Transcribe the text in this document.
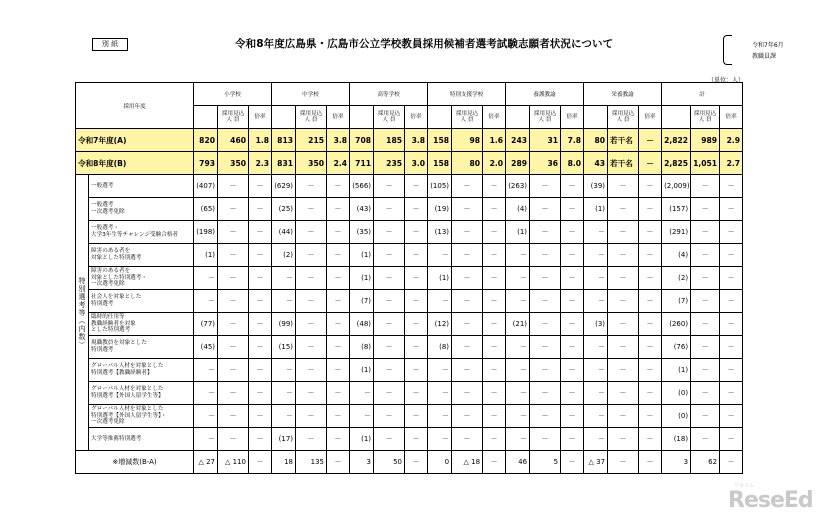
別 紙	令和8年度広島県・広島市公立学校教員採用候補者選考試験志願者状況について	令和7年6月
教職員課
（単位：人）
採用年度		小学校			中学校			高等学校			特別支援学校			養護教諭			栄養教諭			計		
			採用見込
人 員	倍率		採用見込
人 員	倍率		採用見込
人 員	倍率		採用見込
人 員	倍率		採用見込
人 員	倍率		採用見込
人 員	倍率		採用見込
人 員	倍率
令和7年度(A)		820	460	1.8	813	215	3.8	708	185	3.8	158	98	1.6	243	31	7.8	80	若干名	－	2,822	989	2.9
令和8年度(B)		793	350	2.3	831	350	2.4	711	235	3.0	158	80	2.0	289	36	8.0	43	若干名	－	2,825	1,051	2.7
特別選考等（内数）	一般選考	(407)	－	－	(629)	－	－	(566)	－	－	(105)	－	－	(263)	－	－	(39)	－	－	(2,009)	－	－
	一般選考
一次選考免除	(65)	－	－	(25)	－	－	(43)	－	－	(19)	－	－	(4)	－	－	(1)	－	－	(157)	－	－
	一般選考・
大学3年生等チャレンジ受験合格者	(198)	－	－	(44)	－	－	(35)	－	－	(13)	－	－	(1)	－	－	－	－	－	(291)	－	－
	障害のある者を
対象とした特別選考	(1)	－	－	(2)	－	－	(1)	－	－	－	－	－	－	－	－	－	－	－	(4)	－	－
	障害のある者を
対象とした特別選考・
一次選考免除	－	－	－	－	－	－	(1)	－	－	(1)	－	－	－	－	－	－	－	－	(2)	－	－
	社会人を対象とした
特別選考	－	－	－	－	－	－	(7)	－	－	－	－	－	－	－	－	－	－	－	(7)	－	－
	臨時的任用等
教職経験者を対象
とした特別選考	(77)	－	－	(99)	－	－	(48)	－	－	(12)	－	－	(21)	－	－	(3)	－	－	(260)	－	－
	現職教員を対象とした
特別選考	(45)	－	－	(15)	－	－	(8)	－	－	(8)	－	－	－	－	－	－	－	－	(76)	－	－
	グローバル人材を対象とした
特別選考【教職経験者】	－	－	－	－	－	－	(1)	－	－	－	－	－	－	－	－	－	－	－	(1)	－	－
	グローバル人材を対象とした
特別選考【外国人留学生等】	－	－	－	－	－	－	－	－	－	－	－	－	－	－	－	－	－	－	(0)	－	－
	グローバル人材を対象とした
特別選考【外国人留学生等】・
一次選考免除	－	－	－	－	－	－	－	－	－	－	－	－	－	－	－	－	－	－	(0)	－	－
	大学等推薦特別選考	－	－	－	(17)	－	－	(1)	－	－	－	－	－	－	－	－	－	－	－	(18)	－	－
※増減数(B-A)		△ 27	△ 110	－	18	135	－	3	50	－	0	△ 18	－	46	5	－	△ 37	－	－	3	62	－
リセマム
ReseEd
